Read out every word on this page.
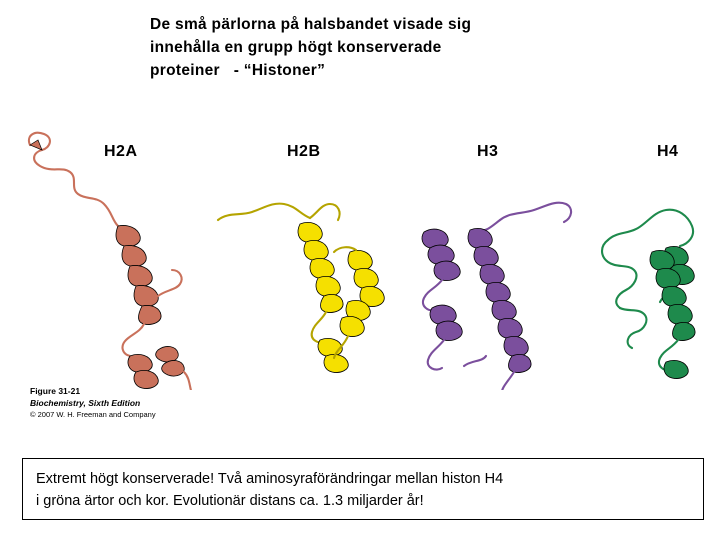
De små pärlorna på halsbandet visade sig
innehålla en grupp högt konserverade
proteiner   - “Histoner”
H2A	H2B	H3	H4
Figure 31-21
Biochemistry, Sixth Edition
© 2007 W. H. Freeman and Company
Extremt högt konserverade! Två aminosyraförändringar mellan histon H4
i gröna ärtor och kor. Evolutionär distans ca. 1.3 miljarder år!
